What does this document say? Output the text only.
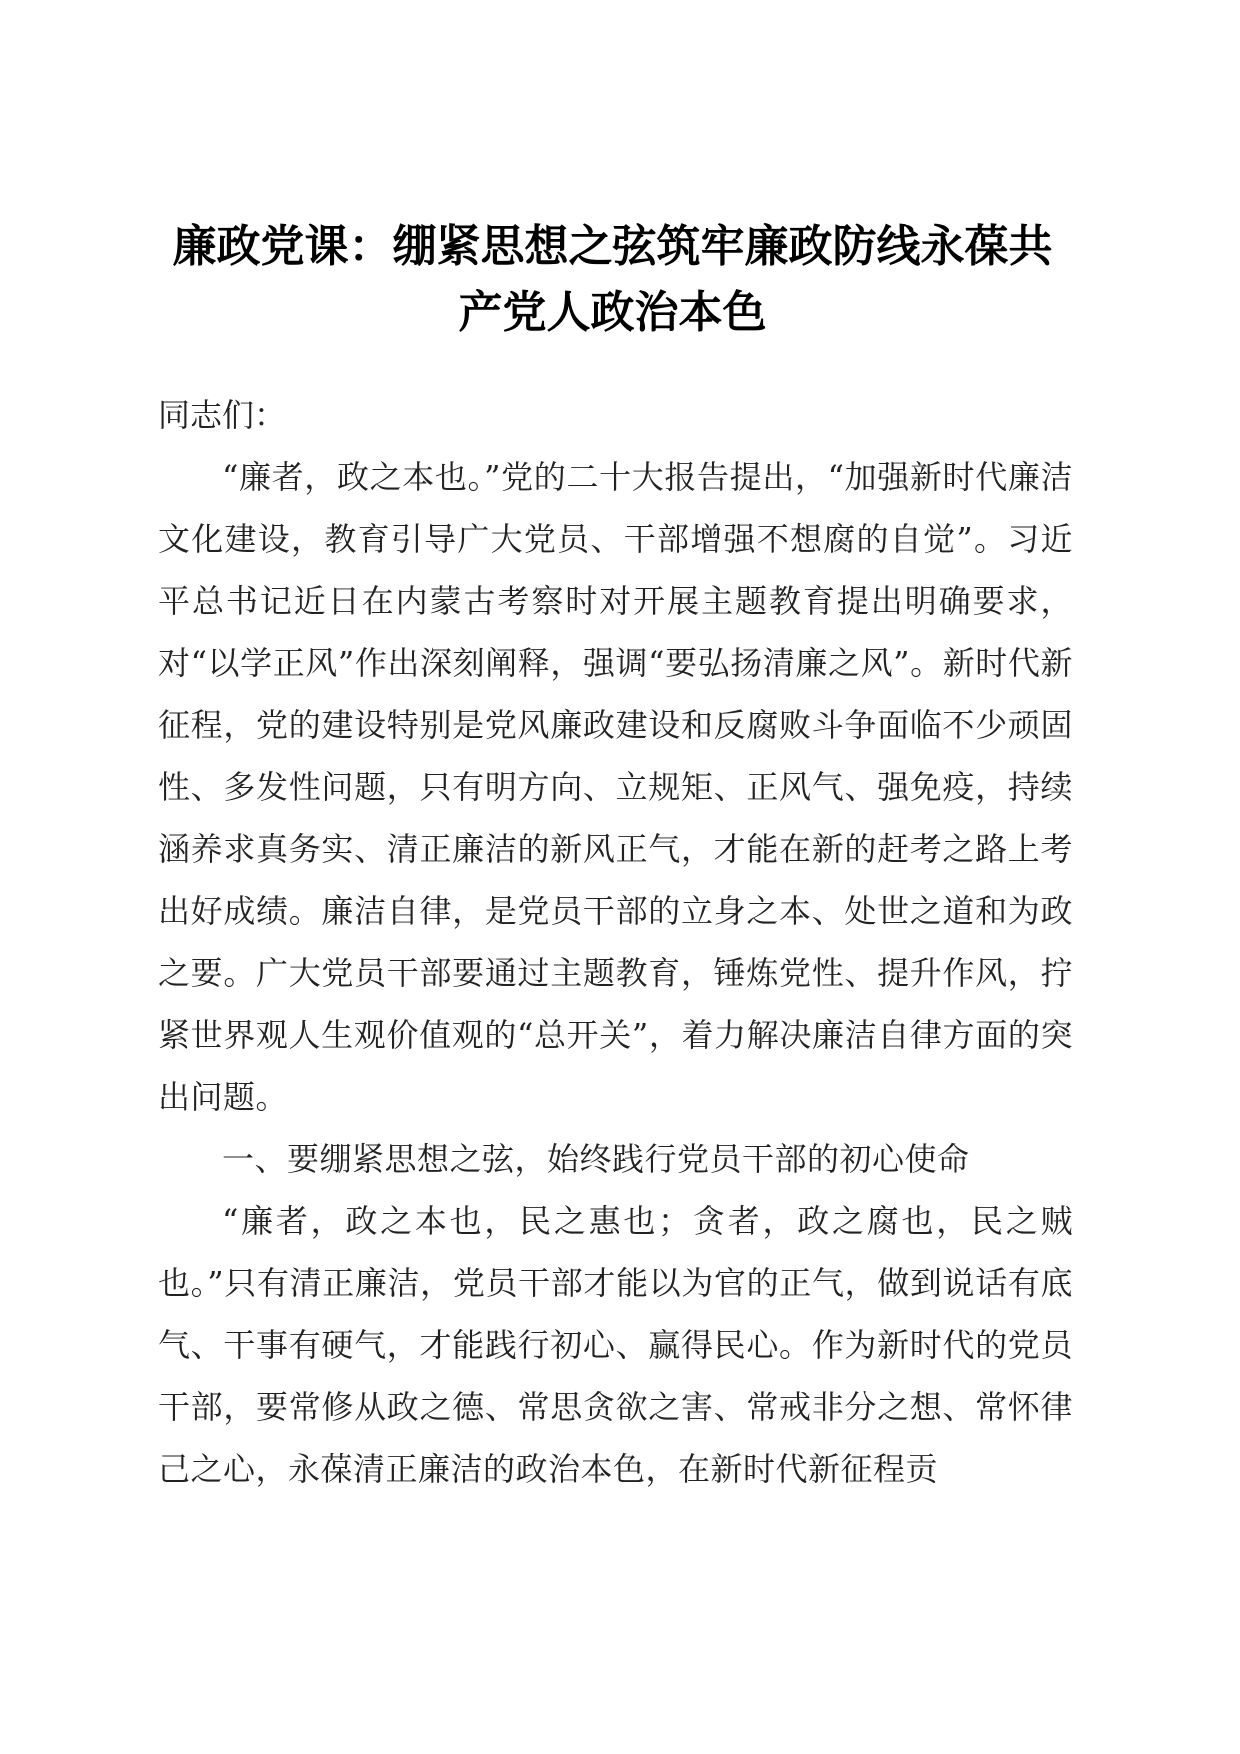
廉政党课：绷紧思想之弦筑牢廉政防线永葆共
产党人政治本色

同志们：

“廉者，政之本也。”党的二十大报告提出，“加强新时代廉洁文化建设，教育引导广大党员、干部增强不想腐的自觉”。习近平总书记近日在内蒙古考察时对开展主题教育提出明确要求，对“以学正风”作出深刻阐释，强调“要弘扬清廉之风”。新时代新征程，党的建设特别是党风廉政建设和反腐败斗争面临不少顽固性、多发性问题，只有明方向、立规矩、正风气、强免疫，持续涵养求真务实、清正廉洁的新风正气，才能在新的赶考之路上考出好成绩。廉洁自律，是党员干部的立身之本、处世之道和为政之要。广大党员干部要通过主题教育，锤炼党性、提升作风，拧紧世界观人生观价值观的“总开关”，着力解决廉洁自律方面的突出问题。

一、要绷紧思想之弦，始终践行党员干部的初心使命

“廉者，政之本也，民之惠也；贪者，政之腐也，民之贼也。”只有清正廉洁，党员干部才能以为官的正气，做到说话有底气、干事有硬气，才能践行初心、赢得民心。作为新时代的党员干部，要常修从政之德、常思贪欲之害、常戒非分之想、常怀律己之心，永葆清正廉洁的政治本色，在新时代新征程贡
